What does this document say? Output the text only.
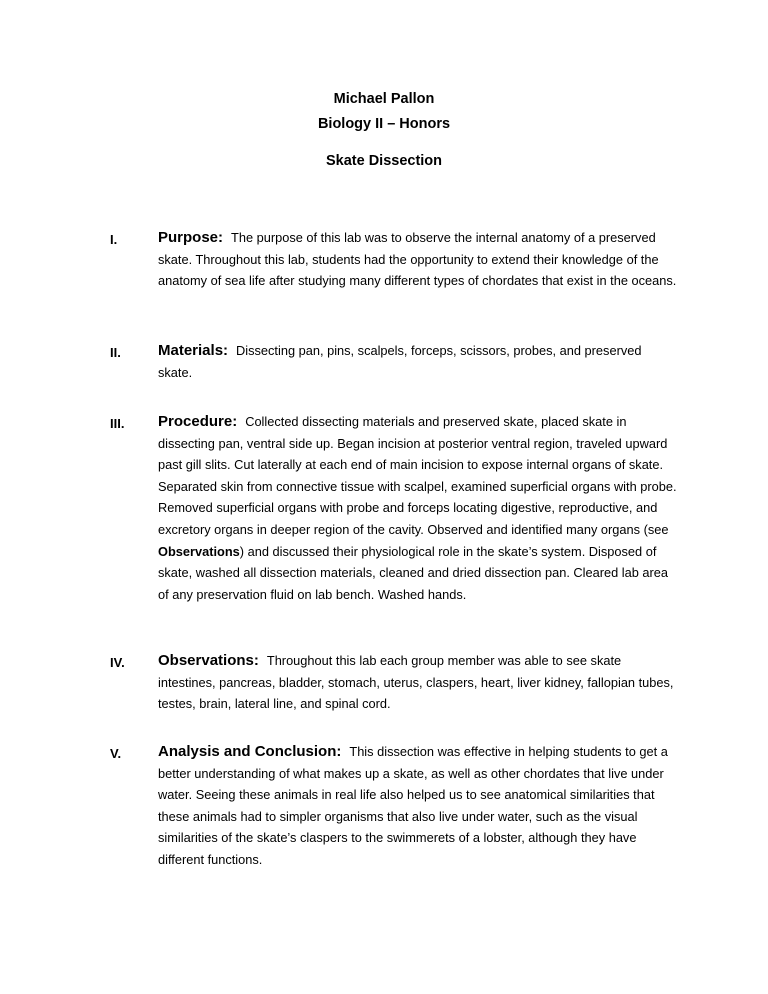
Michael Pallon
Biology II – Honors
Skate Dissection
I.	Purpose: The purpose of this lab was to observe the internal anatomy of a preserved skate. Throughout this lab, students had the opportunity to extend their knowledge of the anatomy of sea life after studying many different types of chordates that exist in the oceans.
II. Materials: Dissecting pan, pins, scalpels, forceps, scissors, probes, and preserved skate.
III. Procedure: Collected dissecting materials and preserved skate, placed skate in dissecting pan, ventral side up. Began incision at posterior ventral region, traveled upward past gill slits. Cut laterally at each end of main incision to expose internal organs of skate. Separated skin from connective tissue with scalpel, examined superficial organs with probe. Removed superficial organs with probe and forceps locating digestive, reproductive, and excretory organs in deeper region of the cavity. Observed and identified many organs (see Observations) and discussed their physiological role in the skate’s system. Disposed of skate, washed all dissection materials, cleaned and dried dissection pan. Cleared lab area of any preservation fluid on lab bench. Washed hands.
IV. Observations: Throughout this lab each group member was able to see skate intestines, pancreas, bladder, stomach, uterus, claspers, heart, liver kidney, fallopian tubes, testes, brain, lateral line, and spinal cord.
V. Analysis and Conclusion: This dissection was effective in helping students to get a better understanding of what makes up a skate, as well as other chordates that live under water. Seeing these animals in real life also helped us to see anatomical similarities that these animals had to simpler organisms that also live under water, such as the visual similarities of the skate’s claspers to the swimmerets of a lobster, although they have different functions.
